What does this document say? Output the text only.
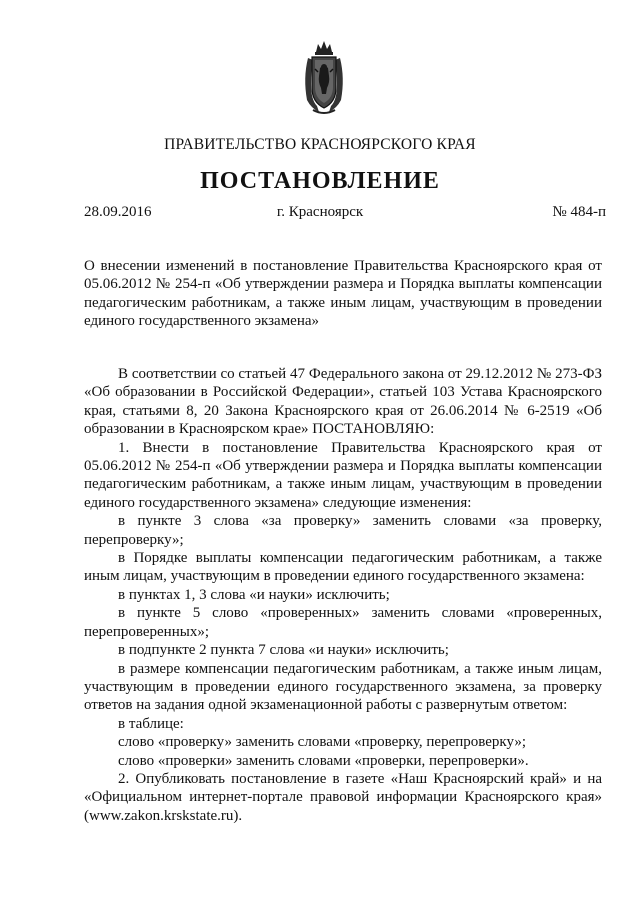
ПРАВИТЕЛЬСТВО КРАСНОЯРСКОГО КРАЯ
ПОСТАНОВЛЕНИЕ
28.09.2016	г. Красноярск	№ 484-п
О внесении изменений в постановление Правительства Красноярского края от 05.06.2012 № 254-п «Об утверждении размера и Порядка выплаты компенсации педагогическим работникам, а также иным лицам, участвующим в проведении единого государственного экзамена»

В соответствии со статьей 47 Федерального закона от 29.12.2012 № 273-ФЗ «Об образовании в Российской Федерации», статьей 103 Устава Красноярского края, статьями 8, 20 Закона Красноярского края от 26.06.2014 № 6-2519 «Об образовании в Красноярском крае» ПОСТАНОВЛЯЮ:

1. Внести в постановление Правительства Красноярского края от 05.06.2012 № 254-п «Об утверждении размера и Порядка выплаты компенсации педагогическим работникам, а также иным лицам, участвующим в проведении единого государственного экзамена» следующие изменения:

в пункте 3 слова «за проверку» заменить словами «за проверку, перепроверку»;

в Порядке выплаты компенсации педагогическим работникам, а также иным лицам, участвующим в проведении единого государственного экзамена:

в пунктах 1, 3 слова «и науки» исключить;

в пункте 5 слово «проверенных» заменить словами «проверенных, перепроверенных»;

в подпункте 2 пункта 7 слова «и науки» исключить;

в размере компенсации педагогическим работникам, а также иным лицам, участвующим в проведении единого государственного экзамена, за проверку ответов на задания одной экзаменационной работы с развернутым ответом:

в таблице:

слово «проверку» заменить словами «проверку, перепроверку»;

слово «проверки» заменить словами «проверки, перепроверки».

2. Опубликовать постановление в газете «Наш Красноярский край» и на «Официальном интернет-портале правовой информации Красноярского края» (www.zakon.krskstate.ru).
